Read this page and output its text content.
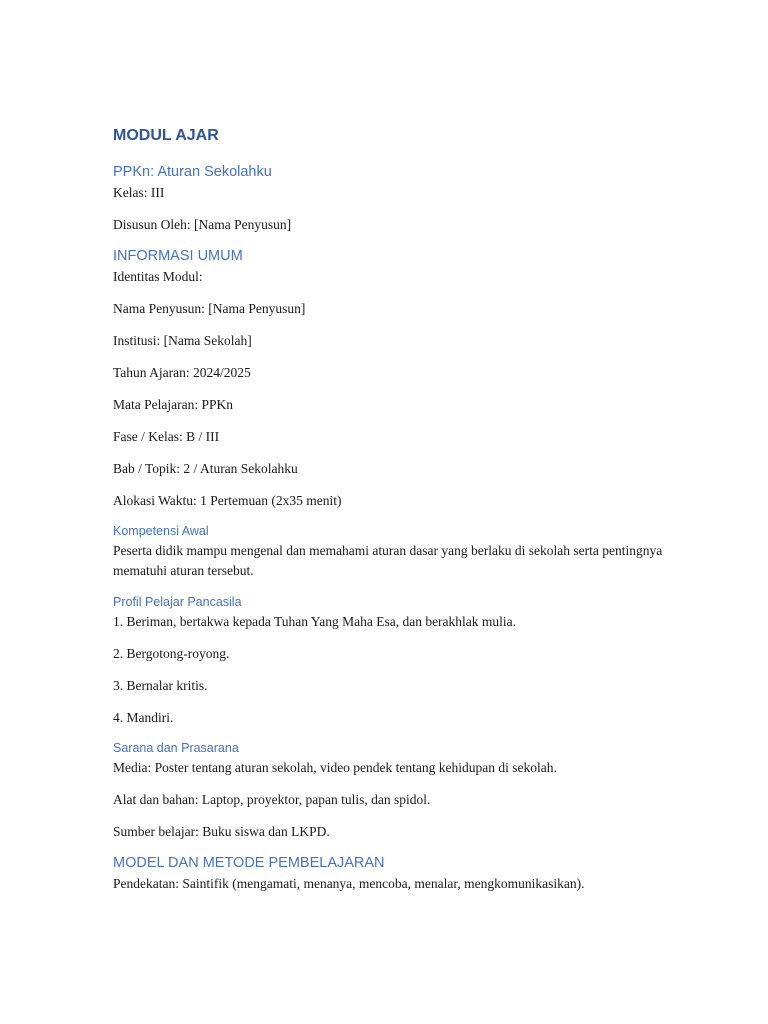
MODUL AJAR
PPKn: Aturan Sekolahku

Kelas: III

Disusun Oleh: [Nama Penyusun]

INFORMASI UMUM

Identitas Modul:

Nama Penyusun: [Nama Penyusun]

Institusi: [Nama Sekolah]

Tahun Ajaran: 2024/2025

Mata Pelajaran: PPKn

Fase / Kelas: B / III

Bab / Topik: 2 / Aturan Sekolahku

Alokasi Waktu: 1 Pertemuan (2x35 menit)

Kompetensi Awal

Peserta didik mampu mengenal dan memahami aturan dasar yang berlaku di sekolah serta pentingnya mematuhi aturan tersebut.

Profil Pelajar Pancasila

1. Beriman, bertakwa kepada Tuhan Yang Maha Esa, dan berakhlak mulia.

2. Bergotong-royong.

3. Bernalar kritis.

4. Mandiri.

Sarana dan Prasarana

Media: Poster tentang aturan sekolah, video pendek tentang kehidupan di sekolah.

Alat dan bahan: Laptop, proyektor, papan tulis, dan spidol.

Sumber belajar: Buku siswa dan LKPD.

MODEL DAN METODE PEMBELAJARAN

Pendekatan: Saintifik (mengamati, menanya, mencoba, menalar, mengkomunikasikan).
